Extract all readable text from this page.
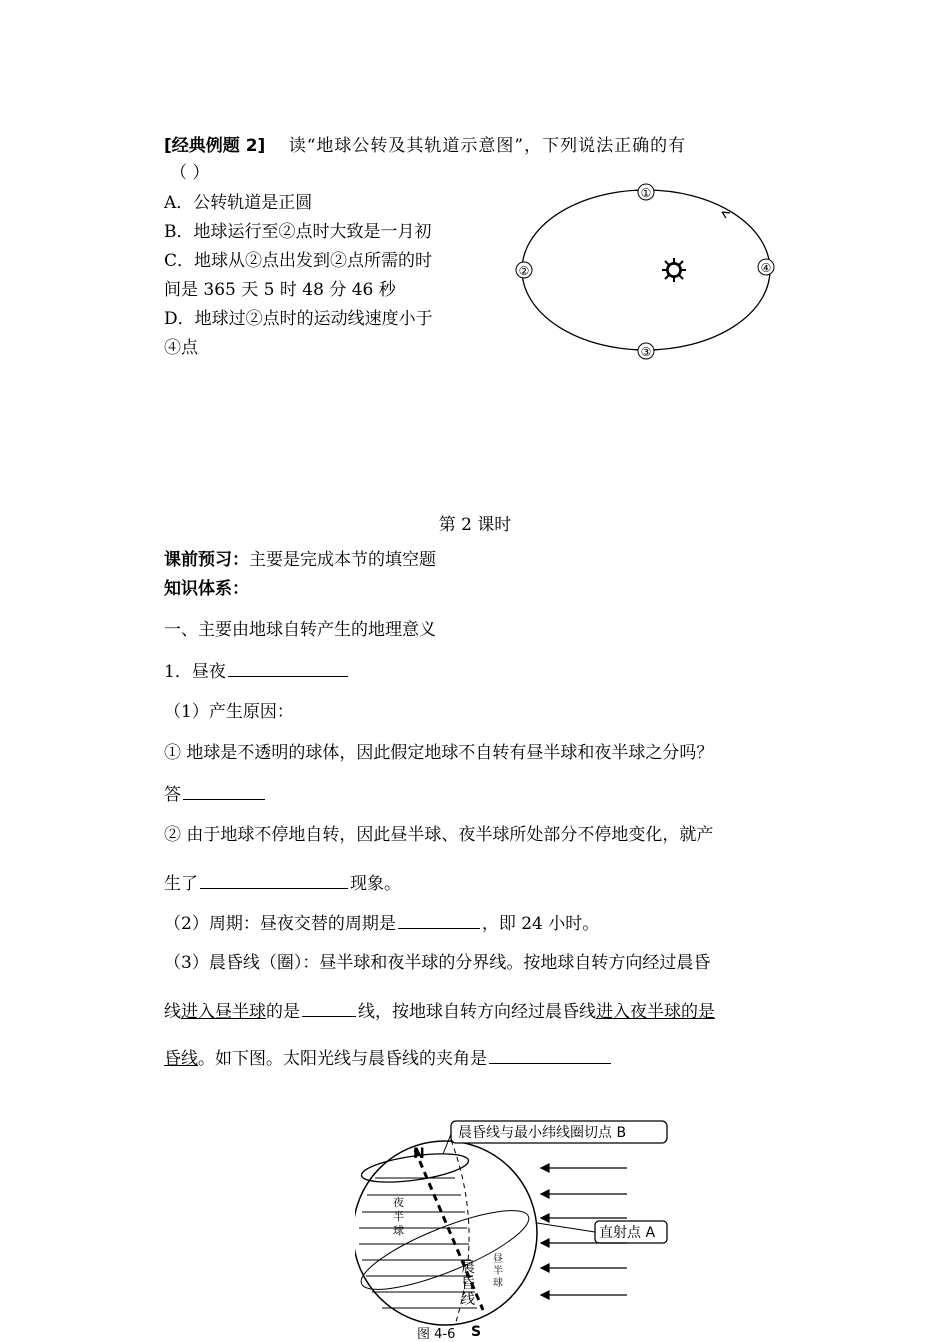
[经典例题 2] 读“地球公转及其轨道示意图”，下列说法正确的有
（ ）
A．公转轨道是正圆
B．地球运行至②点时大致是一月初
C．地球从②点出发到②点所需的时
间是 365 天 5 时 48 分 46 秒
D．地球过②点时的运动线速度小于
④点
①
②
③
④
第 2 课时
课前预习：主要是完成本节的填空题
知识体系：
一、主要由地球自转产生的地理意义
1．昼夜
（1）产生原因：
① 地球是不透明的球体，因此假定地球不自转有昼半球和夜半球之分吗？
答
② 由于地球不停地自转，因此昼半球、夜半球所处部分不停地变化，就产
生了	现象。
（2）周期：昼夜交替的周期是	，即 24 小时。
（3）晨昏线（圈）：昼半球和夜半球的分界线。按地球自转方向经过晨昏
线进入昼半球的是	线，按地球自转方向经过晨昏线进入夜半球的是
昏线。如下图。太阳光线与晨昏线的夹角是
N
S
夜
半
球
昼
半
球
晨
昏
线
晨昏线与最小纬线圈切点 B
直射点 A
图 4-6
